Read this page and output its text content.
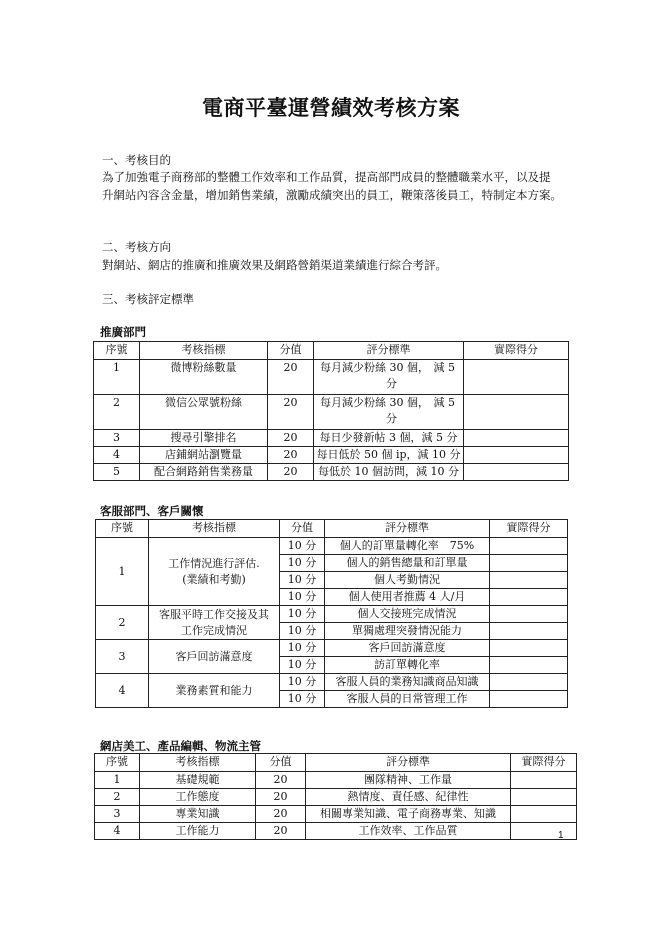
電商平臺運營績效考核方案
一、考核目的
為了加強電子商務部的整體工作效率和工作品質，提高部門成員的整體職業水平，以及提
升網站內容含金量，增加銷售業績，激勵成績突出的員工，鞭策落後員工，特制定本方案。
二、考核方向
對網站、網店的推廣和推廣效果及網路營銷渠道業績進行綜合考評。
三、考核評定標準
推廣部門
序號	考核指標	分值	評分標準	實際得分
1	微博粉絲數量	20	每月減少粉絲 30 個， 減 5
分	
2	微信公眾號粉絲	20	每月減少粉絲 30 個， 減 5
分	
3	搜尋引擎排名	20	每日少發新帖 3 個，減 5 分	
4	店鋪網站瀏覽量	20	每日低於 50 個 ip，減 10 分	
5	配合網路銷售業務量	20	每低於 10 個訪問，減 10 分	
客服部門、客戶關懷
序號	考核指標	分值	評分標準	實際得分
1	工作情況進行評估.
(業績和考勤)	10 分	個人的訂單量轉化率　75%	
		10 分	個人的銷售總量和訂單量	
		10 分	個人考勤情況	
		10 分	個人使用者推薦 4 人/月	
2	客服平時工作交接及其
工作完成情況	10 分	個人交接班完成情況	
		10 分	單獨處理突發情況能力	
3	客戶回訪滿意度	10 分	客戶回訪滿意度	
		10 分	訪訂單轉化率	
4	業務素質和能力	10 分	客服人員的業務知識商品知識	
		10 分	客服人員的日常管理工作	
網店美工、產品編輯、物流主管
序號	考核指標	分值	評分標準	實際得分
1	基礎規範	20	團隊精神、工作量	
2	工作態度	20	熱情度、責任感、紀律性	
3	專業知識	20	相關專業知識、電子商務專業、知識	
4	工作能力	20	工作效率、工作品質		1
